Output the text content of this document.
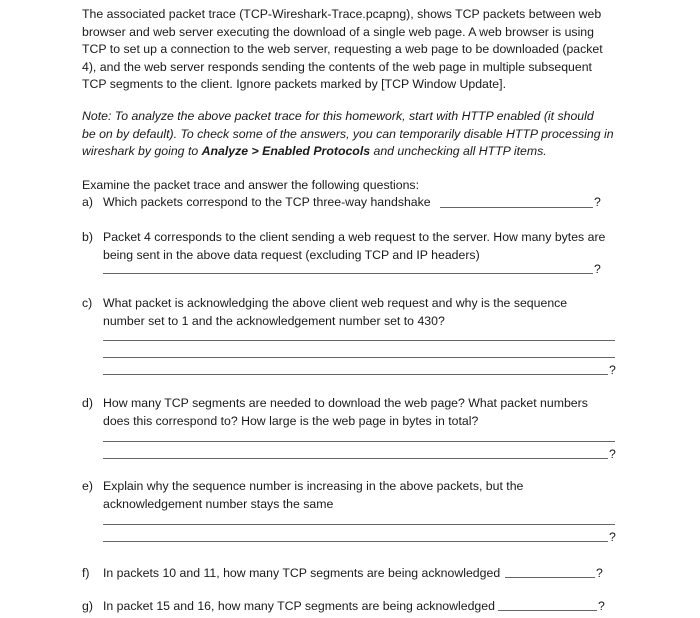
The associated packet trace (TCP-Wireshark-Trace.pcapng), shows TCP packets between web
browser and web server executing the download of a single web page. A web browser is using
TCP to set up a connection to the web server, requesting a web page to be downloaded (packet
4), and the web server responds sending the contents of the web page in multiple subsequent
TCP segments to the client. Ignore packets marked by [TCP Window Update].
Note: To analyze the above packet trace for this homework, start with HTTP enabled (it should
be on by default). To check some of the answers, you can temporarily disable HTTP processing in
wireshark by going to Analyze > Enabled Protocols and unchecking all HTTP items.
Examine the packet trace and answer the following questions:
a) Which packets correspond to the TCP three-way handshake	?
b) Packet 4 corresponds to the client sending a web request to the server. How many bytes are
being sent in the above data request (excluding TCP and IP headers)
?
c) What packet is acknowledging the above client web request and why is the sequence
number set to 1 and the acknowledgement number set to 430?
?
d) How many TCP segments are needed to download the web page? What packet numbers
does this correspond to? How large is the web page in bytes in total?
?
e) Explain why the sequence number is increasing in the above packets, but the
acknowledgement number stays the same
?
f)	In packets 10 and 11, how many TCP segments are being acknowledged	?
g) In packet 15 and 16, how many TCP segments are being acknowledged	?
